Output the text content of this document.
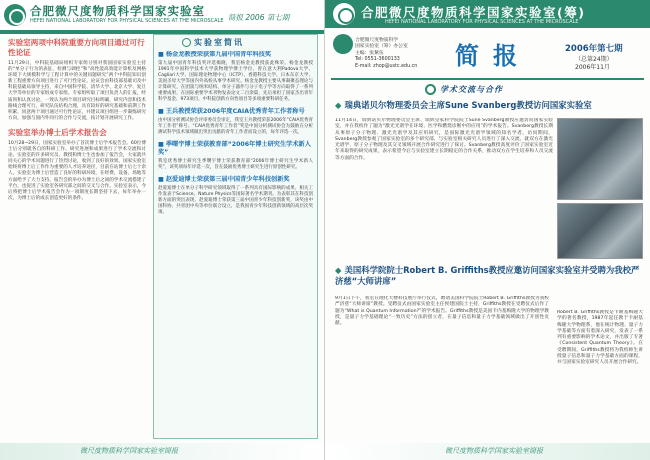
合肥微尺度物质科学国家实验室
HEFEI NATIONAL LABORATORY FOR PHYSICAL SCIENCES AT THE MICROSCALE 简报 2006 第七期
实验室两项中科院重要方向项目通过可行性论证
11月29日，中科院基础局组织专家组分别对我国国家实验室主持的“单分子行为的表征、检测与调控”和“高性能高效能计算机及网格环境下大规模科学与工程计算中的关键问题研究”两个中科院知识创新工程重要方向项目进行了可行性论证。论证会由科技部基础司及中科院基础局领导主持，来自中国科学院、清华大学、北京大学、复旦大学等单位的专家组成专家组。专家组听取了项目负责人的汇报，经质询和认真讨论，一致认为两个项目研究目标明确，研究内容和技术路线合理可行，研究队伍结构合理，具有较好的研究基础和前期工作积累，同意两个项目通过可行性论证，并建议项目组进一步凝练研究方向，加强与国内外同行的合作与交流，按计划开展研究工作。
实验室举办博士后学术报告会
10月28~29日，国家实验室举办了首次博士后学术报告会。60位博士后分别就各自的科研工作、研究进展和成果进行了学术交流和讨论。实验室的许多研究员、教授和博士生也参加了报告会，大家就共同关心的学术问题进行了热烈讨论，收到了良好的效果。国家实验室始终将博士后工作作为重要的人才培养途径，目前在站博士后七十余人，实验室为博士后营造了良好的科研环境，在经费、设备、场地等方面给予了大力支持。报告会的举办为博士后之间的学术交流搭建了平台，也促进了实验室各研究部之间的交叉与合作。实验室表示，今后将把博士后学术报告会作为一项制度长期坚持下去，每年举办一次，为博士后的成长创造更好的条件。
实验室简讯
■ 杨金龙教授荣获第九届中国青年科技奖
第九届中国青年科技奖评选揭晓，我室杨金龙教授获此殊荣。杨金龙教授1991年中国科学技术大学获物理学博士学位，曾在意大利Padova大学、Cagliari大学、国际理论物理中心（ICTP）、香港科技大学、日本东京大学、美国圣母大学等国内外高校从事学术研究。杨金龙教授主要从事凝聚态理论与计算研究，在团簇与纳米结构、单分子器件与分子电子学等方向取得了一系列重要成果，在国际重要学术刊物发表论文二百余篇，先后承担了国家杰出青年科学基金、973项目、中科院创新方向性项目等多项重要科研任务。
■ 王兵教授荣获2006年度CAIA优秀青年工作者称号
由中国分析测试协会评审委员会审定，我室王兵教授荣获2006年“CAIA优秀青年工作者”称号。“CAIA优秀青年工作者”奖是中国分析测试协会为鼓励在分析测试科学技术领域做出突出贡献的青年工作者而设立的，每年评选一次。
■ 季曙宇博士荣获教育部“2006年博士研究生学术新人奖”
我室优秀博士研究生季曙宇博士荣获教育部“2006年博士研究生学术新人奖”，该奖项每年评选一次，旨在鼓励优秀博士研究生进行原创性研究。
■ 赵爱迪博士荣获第三届中国青少年科技创新奖
赵爱迪博士在单分子科学研究领域取得了一系列具有国际影响的成果，相关工作发表于Science、Nature Physics等国际著名学术期刊。为表彰其在科技创新方面的突出表现，赵爱迪博士荣获第三届中国青少年科技创新奖，该奖由中国科协、共青团中央等单位联合设立，是我国青少年科技创新领域的高层次奖项。
微尺度物质科学国家实验室简报
合肥微尺度物质科学国家实验室(筹)
HEFEI NATIONAL LABORATORY FOR PHYSICAL SCIENCES AT THE MICROSCALE
合肥微尺度物质科学
国家实验室（筹）办公室
主编：张紫伍
Tel: 0551-3600133
E-mail: zhop@ustc.edu.cn 简报	2006年第七期
（总第24期）
2006年11月
学术交流与合作
◆ 瑞典诺贝尔物理委员会主席Sune Svanberg教授访问国家实验室
11月14日，瑞典诺贝尔物理委员会主席、瑞典皇家科学院院士Sune Svanberg教授应邀访问国家实验室，并在我校作了题为“激光光谱学在环境、医学和燃烧诊断中的应用”的学术报告。Svanberg教授长期从事原子分子物理、激光光谱学及其应用研究，是国际激光光谱学领域的知名学者。访问期间，Svanberg教授参观了国家实验室的多个研究部，与实验室相关研究人员进行了深入交流，就双方在激光光谱学、原子分子物理及其交叉领域开展合作研究进行了探讨。Svanberg教授高度评价了国家实验室近年来取得的研究成果，表示希望今后与实验室建立长期稳定的合作关系，推动双方在学生培养和人员交流等方面的合作。
◆ 美国科学院院士Robert B. Griffiths教授应邀访问国家实验室并受聘为我校严济慈“大师讲席”
9月1日下午，我室在理化大楼科技展厅举行仪式，聘请美国科学院院士Robert B. Griffiths教授为我校严济慈“大师讲席”教授。受聘仪式由国家实验室主任侯建国院士主持，Griffiths教授在受聘仪式后作了题为“What is Quantum Information?”的学术报告。Griffiths教授是美国卡内基梅隆大学的物理学教授，是量子力学基础理论“一致历史”方法的创立者，在量子信息和量子力学基础领域做出了开创性贡献。
Robert B. Griffiths教授是卡耐基梅隆大学的著名教授，1987年起任教于卡耐基梅隆大学物理系，他在统计物理、量子力学基础等方面有着深入研究，发表了一系列有重要影响的学术论文，并出版了专著《Consistent Quantum Theory》。在受聘期间，Griffiths教授将为我校师生讲授量子信息和量子力学基础方面的课程，并与国家实验室研究人员开展合作研究。
微尺度物质科学国家实验室简报
